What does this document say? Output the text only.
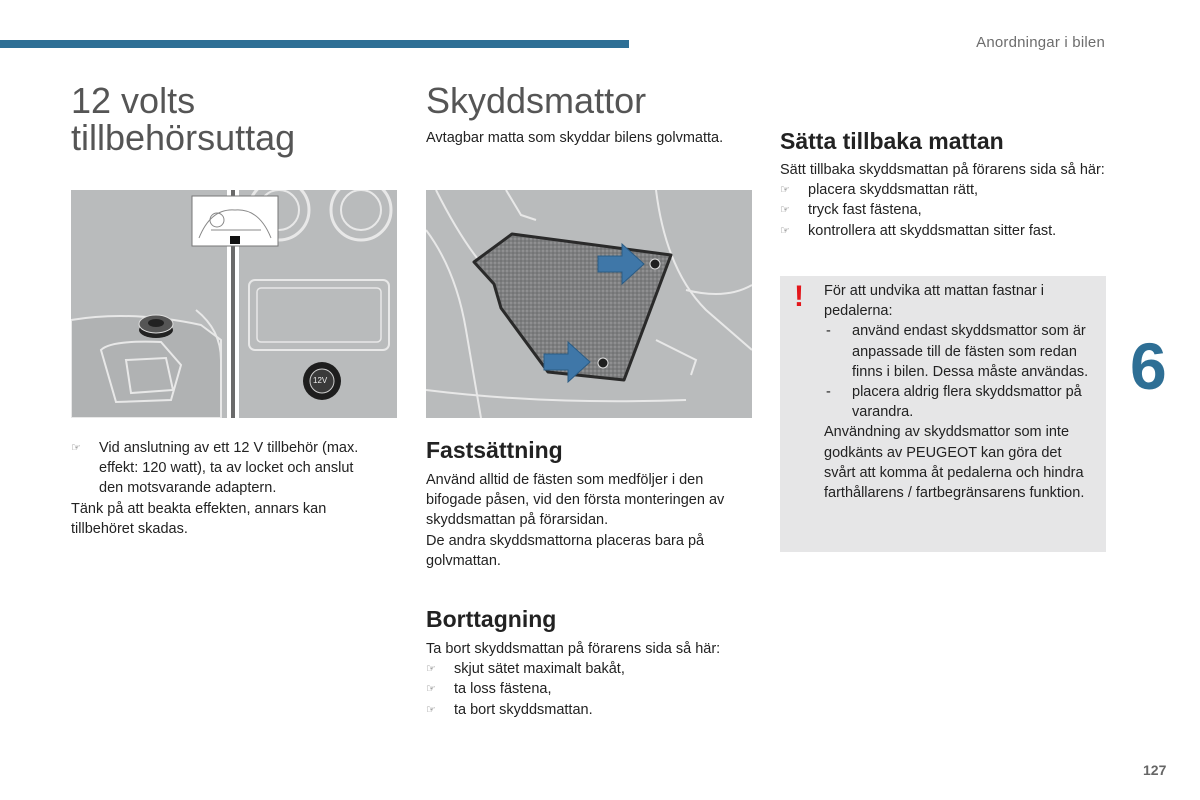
Anordningar i bilen
12 volts
tillbehörsuttag
12V
☞ Vid anslutning av ett 12 V tillbehör (max. effekt: 120 watt), ta av locket och anslut den motsvarande adaptern.

Tänk på att beakta effekten, annars kan tillbehöret skadas.

Skyddsmattor
Avtagbar matta som skyddar bilens golvmatta.
Fastsättning

Använd alltid de fästen som medföljer i den bifogade påsen, vid den första monteringen av skyddsmattan på förarsidan.

De andra skyddsmattorna placeras bara på golvmattan.

Borttagning

Ta bort skyddsmattan på förarens sida så här:

☞ skjut sätet maximalt bakåt,
☞ ta loss fästena,
☞ ta bort skyddsmattan.
Sätta tillbaka mattan

Sätt tillbaka skyddsmattan på förarens sida så här:

☞ placera skyddsmattan rätt,
☞ tryck fast fästena,
☞ kontrollera att skyddsmattan sitter fast.
! För att undvika att mattan fastnar i pedalerna:

- använd endast skyddsmattor som är anpassade till de fästen som redan finns i bilen. Dessa måste användas.
- placera aldrig flera skyddsmattor på varandra.

Användning av skyddsmattor som inte godkänts av PEUGEOT kan göra det svårt att komma åt pedalerna och hindra farthållarens / fartbegränsarens funktion.

6
127
